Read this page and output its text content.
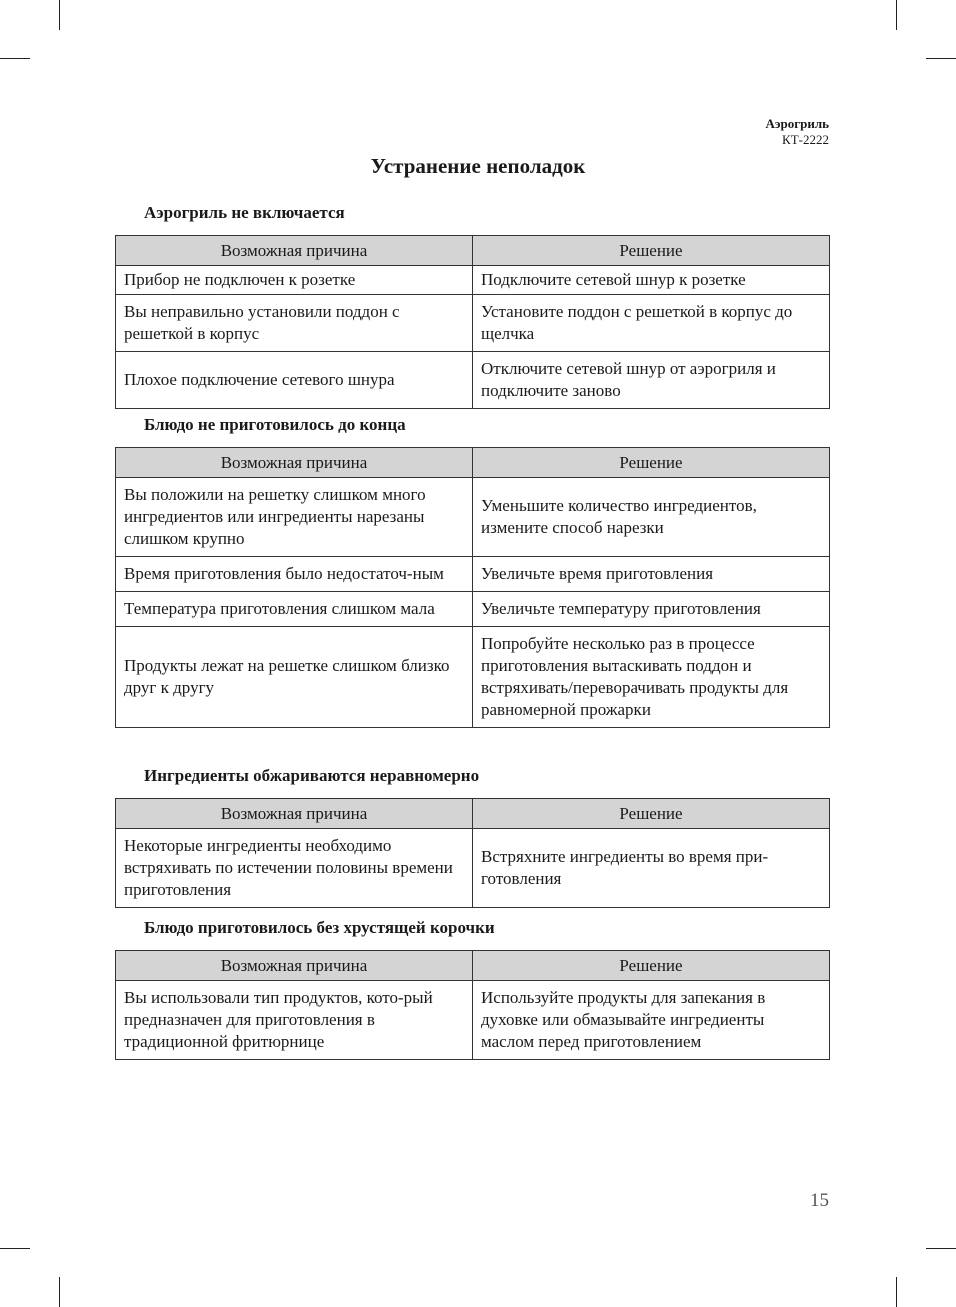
Аэрогриль
КТ-2222
Устранение неполадок
Аэрогриль не включается
Возможная причина	Решение
Прибор не подключен к розетке	Подключите сетевой шнур к розетке
Вы неправильно установили поддон с решеткой в корпус	Установите поддон с решеткой в корпус до щелчка
Плохое подключение сетевого шнура	Отключите сетевой шнур от аэрогриля и подключите заново
Блюдо не приготовилось до конца
Возможная причина	Решение
Вы положили на решетку слишком много ингредиентов или ингредиенты нарезаны слишком крупно	Уменьшите количество ингредиентов, измените способ нарезки
Время приготовления было недостаточ-ным	Увеличьте время приготовления
Температура приготовления слишком мала	Увеличьте температуру приготовления
Продукты лежат на решетке слишком близко друг к другу	Попробуйте несколько раз в процессе приготовления вытаскивать поддон и встряхивать/переворачивать продукты для равномерной прожарки
Ингредиенты обжариваются неравномерно
Возможная причина	Решение
Некоторые ингредиенты необходимо встряхивать по истечении половины времени приготовления	Встряхните ингредиенты во время при-готовления
Блюдо приготовилось без хрустящей корочки
Возможная причина	Решение
Вы использовали тип продуктов, кото-рый предназначен для приготовления в традиционной фритюрнице	Используйте продукты для запекания в духовке или обмазывайте ингредиенты маслом перед приготовлением
15
